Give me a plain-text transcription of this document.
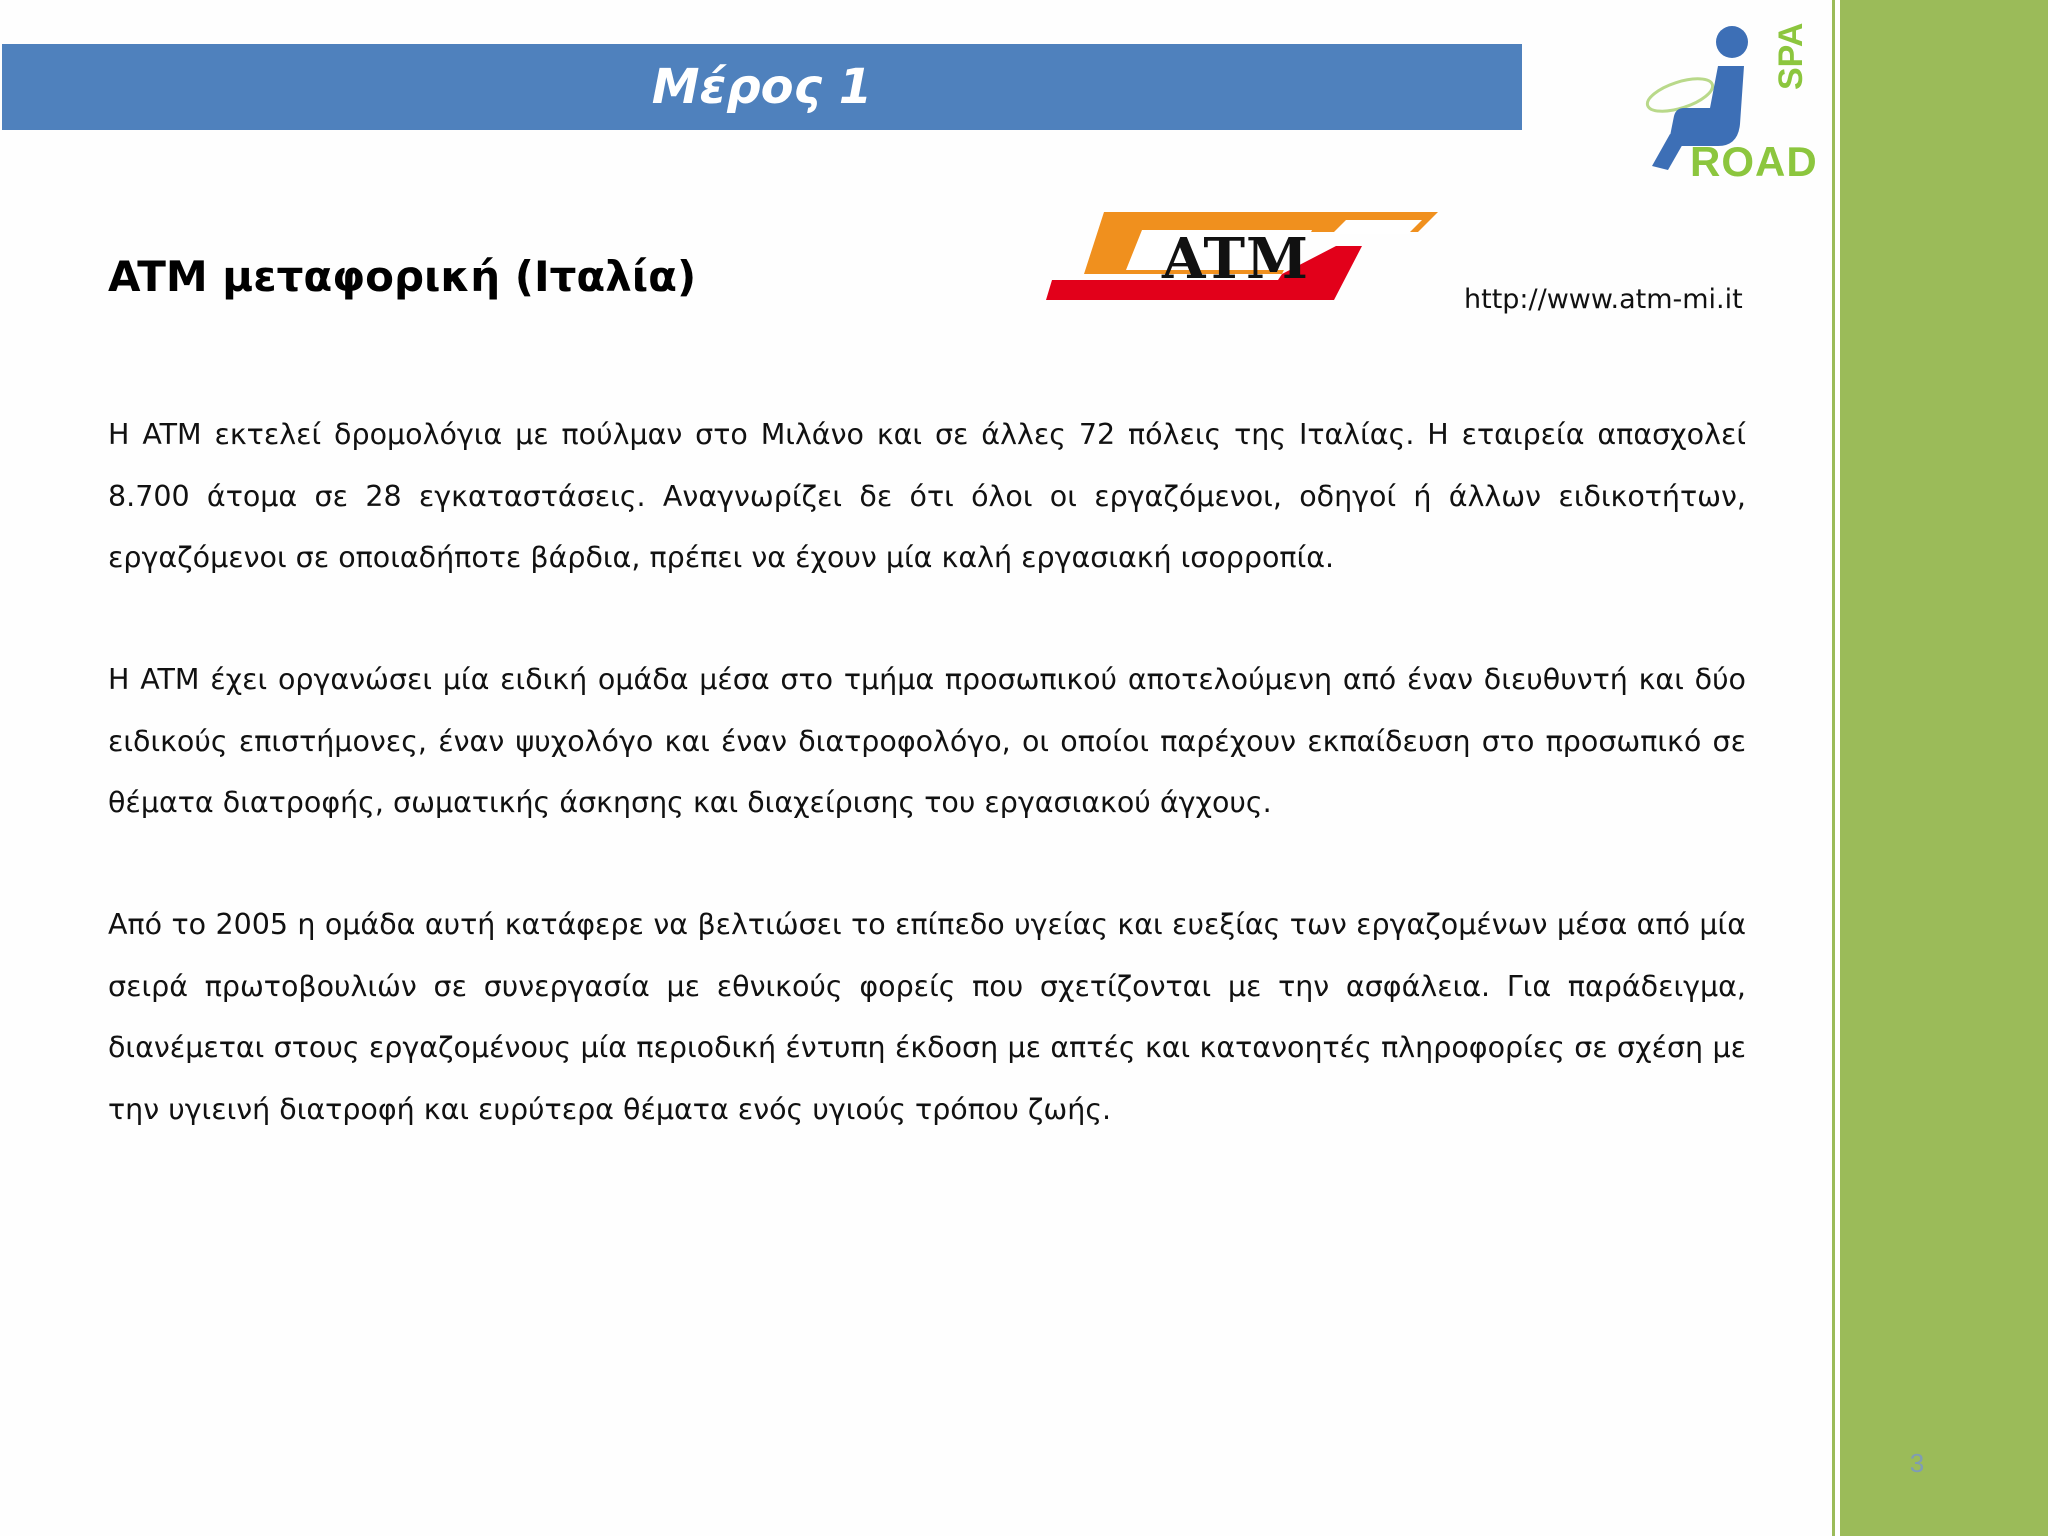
Μέρος 1	SPA
ROAD
ATM μεταφορική (Ιταλία)	ATM
http://www.atm-mi.it

Η ATM εκτελεί δρομολόγια με πούλμαν στο Μιλάνο και σε άλλες 72 πόλεις της Ιταλίας. Η εταιρεία απασχολεί 8.700 άτομα σε 28 εγκαταστάσεις. Αναγνωρίζει δε ότι όλοι οι εργαζόμενοι, οδηγοί ή άλλων ειδικοτήτων, εργαζόμενοι σε οποιαδήποτε βάρδια, πρέπει να έχουν μία καλή εργασιακή ισορροπία.

Η ATM έχει οργανώσει μία ειδική ομάδα μέσα στο τμήμα προσωπικού αποτελούμενη από έναν διευθυντή και δύο ειδικούς επιστήμονες, έναν ψυχολόγο και έναν διατροφολόγο, οι οποίοι παρέχουν εκπαίδευση στο προσωπικό σε θέματα διατροφής, σωματικής άσκησης και διαχείρισης του εργασιακού άγχους.

Από το 2005 η ομάδα αυτή κατάφερε να βελτιώσει το επίπεδο υγείας και ευεξίας των εργαζομένων μέσα από μία σειρά πρωτοβουλιών σε συνεργασία με εθνικούς φορείς που σχετίζονται με την ασφάλεια. Για παράδειγμα, διανέμεται στους εργαζομένους μία περιοδική έντυπη έκδοση με απτές και κατανοητές πληροφορίες σε σχέση με την υγιεινή διατροφή και ευρύτερα θέματα ενός υγιούς τρόπου ζωής.

3
